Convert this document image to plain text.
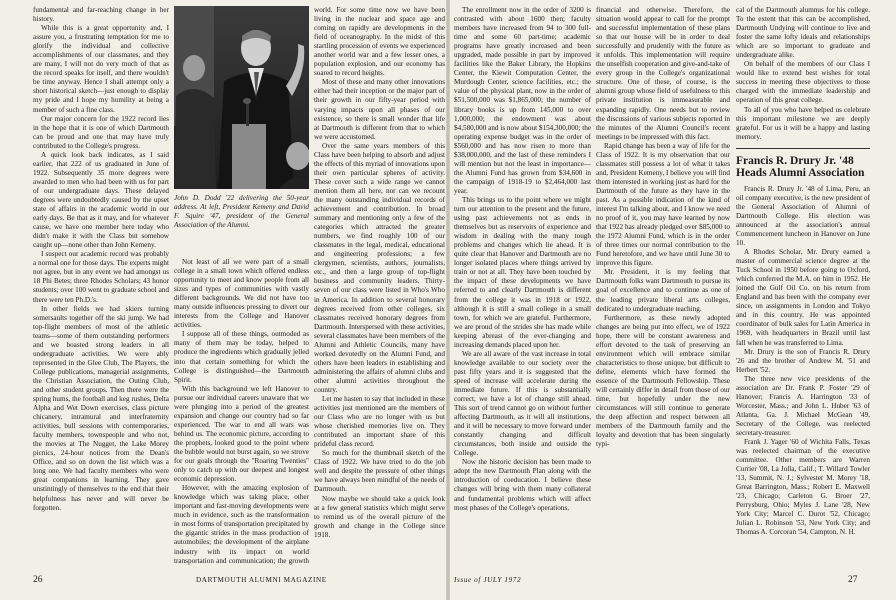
fundamental and far-reaching change in her history.

While this is a great opportunity and, I assure you, a frustrating temptation for me to glorify the individual and collective accomplishments of our classmates, and they are many, I will not do very much of that as the record speaks for itself, and there wouldn't be time anyway. Hence I shall attempt only a short historical sketch—just enough to display my pride and I hope my humility at being a member of such a fine class.

Our major concern for the 1922 record lies in the hope that it is one of which Dartmouth can be proud and one that may have truly contributed to the College's progress.

A quick look back indicates, as I said earlier, that 222 of us graduated in June of 1922. Subsequently 35 more degrees were awarded to men who had been with us for part of our undergraduate days. These delayed degrees were undoubtedly caused by the upset state of affairs in the academic world in our early days. Be that as it may, and for whatever cause, we have one member here today who didn't make it with the Class but somehow caught up—none other than John Kemeny.

I suspect our academic record was probably a normal one for those days. The experts might not agree, but in any event we had amongst us 18 Phi Betes; three Rhodes Scholars; 43 honor students; over 100 went to graduate school and there were ten Ph.D.'s.

In other fields we had skiers turning somersaults together off the ski jump. We had top-flight members of most of the athletic teams—some of them outstanding performers and we boasted strong leaders in all undergraduate activities. We were ably represented in the Glee Club, The Players, the College publications, managerial assignments, the Christian Association, the Outing Club, and other student groups. Then there were the spring hums, the football and keg rushes, Delta Alpha and Wet Down exercises, class picture chicanery, intramural and interfraternity activities, bull sessions with contemporaries, faculty members, townspeople and who not, the movies at The Nugget, the Lake Morey picnics, 24-hour notices from the Dean's Office, and so on down the list which was a long one. We had faculty members who were great companions in learning. They gave unstintingly of themselves to the end that their helpfulness has never and will never be forgotten.

John D. Dodd '22 delivering the 50-year address. At left, President Kemeny and David F. Squire '47, president of the General Association of the Alumni.

Not least of all we were part of a small college in a small town which offered endless opportunity to meet and know people from all sizes and types of communities with vastly different backgrounds. We did not have too many outside influences pressing to divert our interests from the College and Hanover activities.

I suppose all of these things, outmoded as many of them may be today, helped to produce the ingredients which gradually jelled into that certain something for which the College is distinguished—the Dartmouth Spirit.

With this background we left Hanover to pursue our individual careers unaware that we were plunging into a period of the greatest expansion and change our country had so far experienced. The war to end all wars was behind us. The economic picture, according to the prophets, looked good to the point where the bubble would not burst again, so we strove for our goals through the "Roaring Twenties" only to catch up with our deepest and longest economic depression.

However, with the amazing explosion of knowledge which was taking place, other important and fast-moving developments were much in evidence, such as the transformation in most forms of transportation precipitated by the gigantic strides in the mass production of automobiles; the development of the airplane industry with its impact on world transportation and communication; the growth

world. For some time now we have been living in the nuclear and space age and coming on rapidly are developments in the field of oceanography. In the midst of this startling procession of events we experienced another world war and a few lesser ones, a population explosion, and our economy has soared to record heights.

Most of these and many other innovations either had their inception or the major part of their growth in our fifty-year period with varying impacts upon all phases of our existence, so there is small wonder that life at Dartmouth is different from that to which we were accustomed.

Over the same years members of this Class have been helping to absorb and adjust the effects of this myriad of innovations upon their own particular spheres of activity. These cover such a wide range we cannot mention them all here, nor can we recount the many outstanding individual records of achievement and contribution. In broad summary and mentioning only a few of the categories which attracted the greater numbers, we find roughly 100 of our classmates in the legal, medical, educational and engineering professions; a few clergymen, scientists, authors, journalists, etc., and then a large group of top-flight business and community leaders. Thirty-seven of our class were listed in Who's Who in America. In addition to several honorary degrees received from other colleges, six classmates received honorary degrees from Dartmouth. Interspersed with these activities, several classmates have been members of the Alumni and Athletic Councils, many have worked devotedly on the Alumni Fund, and others have been leaders in establishing and administering the affairs of alumni clubs and other alumni activities throughout the country.

Let me hasten to say that included in these activities just mentioned are the members of our Class who are no longer with us but whose cherished memories live on. They contributed an important share of this prideful class record.

So much for the thumbnail sketch of the Class of 1922. We have tried to do the job well and despite the pressure of other things we have always been mindful of the needs of Dartmouth.

Now maybe we should take a quick look at a few general statistics which might serve to remind us of the overall picture of the growth and change in the College since 1918.

26	DARTMOUTH ALUMNI MAGAZINE

The enrollment now in the order of 3200 is contrasted with about 1600 then; faculty members have increased from 94 to 300 full-time and some 60 part-time; academic programs have greatly increased and been upgraded, made possible in part by improved facilities like the Baker Library, the Hopkins Center, the Kiewit Computation Center, the Murdough Center, science facilities, etc.; the value of the physical plant, now in the order of $51,500,000 was $1,865,000; the number of library books is up from 145,000 to over 1,000,000; the endowment was about $4,580,000 and is now about $154,300,000; the operating expense budget was in the order of $560,000 and has now risen to more than $38,000,000, and the last of these reminders I will mention but not the least in importance—the Alumni Fund has grown from $34,600 in the campaign of 1918-19 to $2,464,000 last year.

This brings us to the point where we might turn our attention to the present and the future, using past achievements not as ends in themselves but as reservoirs of experience and wisdom in dealing with the many tough problems and changes which lie ahead. It is quite clear that Hanover and Dartmouth are no longer isolated places where things arrived by train or not at all. They have been touched by the impact of these developments we have referred to and clearly Dartmouth is different from the college it was in 1918 or 1922, although it is still a small college in a small town, for which we are grateful. Furthermore, we are proud of the strides she has made while keeping abreast of the ever-changing and increasing demands placed upon her.

We are all aware of the vast increase in total knowledge available to our society over the past fifty years and it is suggested that the speed of increase will accelerate during the immediate future. If this is substantially correct, we have a lot of change still ahead. This sort of trend cannot go on without further affecting Dartmouth, as it will all institutions, and it will be necessary to move forward under constantly changing and difficult circumstances, both inside and outside the College.

Now the historic decision has been made to adopt the new Dartmouth Plan along with the introduction of coeducation. I believe these changes will bring with them many collateral and fundamental problems which will affect most phases of the College's operations,

financial and otherwise. Therefore, the situation would appear to call for the prompt and successful implementation of these plans so that our house will be in order to deal successfully and prudently with the future as it unfolds. This implementation will require the unselfish cooperation and give-and-take of every group in the College's organizational structure. One of these, of course, is the alumni group whose field of usefulness to this private institution is immeasurable and expanding rapidly. One needs but to review the discussions of various subjects reported in the minutes of the Alumni Council's recent meetings to be impressed with this fact.

Rapid change has been a way of life for the Class of 1922. It is my observation that our classmates still possess a lot of what it takes and, President Kemeny, I believe you will find them interested in working just as hard for the Dartmouth of the future as they have in the past. As a possible indication of the kind of interest I'm talking about, and I know we need no proof of it, you may have learned by now that 1922 has already pledged over $85,000 to the 1972 Alumni Fund, which is in the order of three times our normal contribution to the Fund heretofore, and we have until June 30 to improve this figure.

Mr. President, it is my feeling that Dartmouth folks want Dartmouth to pursue its goal of excellence and to continue as one of the leading private liberal arts colleges, dedicated to undergraduate teaching.

Furthermore, as these newly adopted changes are being put into effect, we of 1922 hope, there will be constant awareness and effort devoted to the task of preserving an environment which will embrace similar characteristics to those unique, but difficult to define, elements which have formed the essence of the Dartmouth Fellowship. These will certainly differ in detail from those of our time, but hopefully under the new circumstances will still continue to generate the deep affection and respect between all members of the Dartmouth family and the loyalty and devotion that has been singularly typi-

cal of the Dartmouth alumnus for his college. To the extent that this can be accomplished, Dartmouth Undying will continue to live and foster the same lofty ideals and relationships which are so important to graduate and undergraduate alike.

On behalf of the members of our Class I would like to extend best wishes for total success in meeting these objectives to those charged with the immediate leadership and operation of this great college.

To all of you who have helped us celebrate this important milestone we are deeply grateful. For us it will be a happy and lasting memory.

Francis R. Drury Jr. '48 Heads Alumni Association

Francis R. Drury Jr. '48 of Lima, Peru, an oil company executive, is the new president of the General Association of Alumni of Dartmouth College. His election was announced at the association's annual Commencement luncheon in Hanover on June 10.

A Rhodes Scholar, Mr. Drury earned a master of commercial science degree at the Tuck School in 1950 before going to Oxford, which conferred the M.A. on him in 1952. He joined the Gulf Oil Co. on his return from England and has been with the company ever since, on assignments in London and Tokyo and in this country. He was appointed coordinator of bulk sales for Latin America in 1969, with headquarters in Brazil until last fall when he was transferred to Lima.

Mr. Drury is the son of Francis R. Drury '26 and the brother of Andrew M. '51 and Herbert '52.

The three new vice presidents of the association are Dr. Frank P. Foster '29 of Hanover; Francis A. Harrington '33 of Worcester, Mass.; and John L. Huber '63 of Atlanta, Ga. J. Michael McGean '49, Secretary of the College, was reelected secretary-treasurer.

Frank J. Yager '60 of Wichita Falls, Texas was reelected chairman of the executive committee. Other members are Warren Currier '08, La Jolla, Calif.; T. Willard Towler '13, Summit, N. J.; Sylvester M. Morey '18, Great Barrington, Mass.; Robert E. Maxwell '23, Chicago; Carleton G. Broer '27, Perrysburg, Ohio; Myles J. Lane '28, New York City; Marcel C. Durot '52, Chicago; Julian L. Robinson '53, New York City; and Thomas A. Corcoran '54, Campton, N. H.

Issue of JULY 1972	27
